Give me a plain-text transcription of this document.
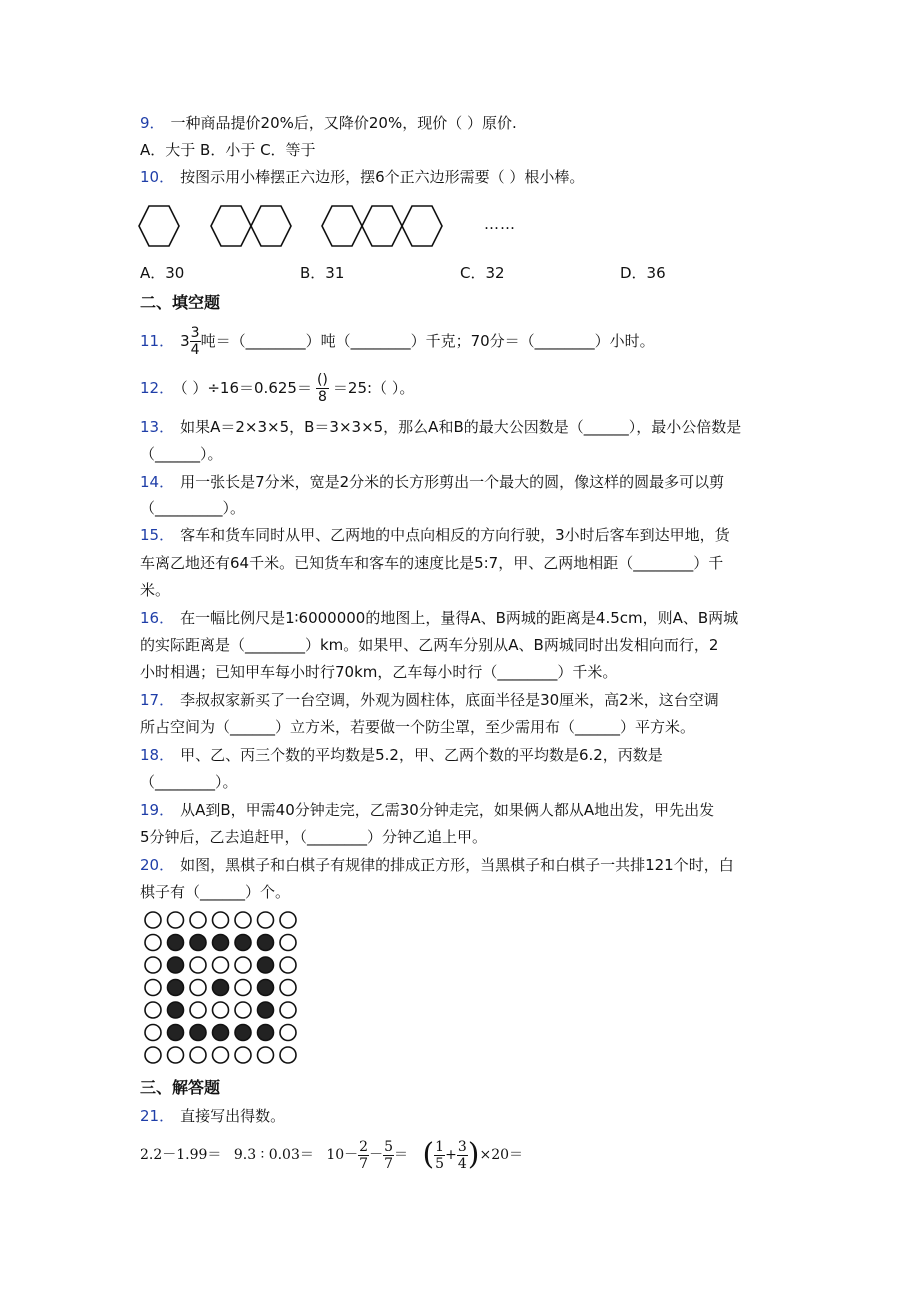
9． 一种商品提价20%后，又降价20%，现价（ ）原价.
A．大于 B．小于 C．等于
10． 按图示用小棒摆正六边形，摆6个正六边形需要（ ）根小棒。
……
A．30	B．31	C．32	D．36
二、填空题
11． $3 \frac{3}{4}$ 吨＝（________）吨（________）千克；70分＝（________）小时。
12． （ ）$\div 16=0.625= \frac{()}{8}$ ＝25:（ ）。
13． 如果A＝2×3×5，B＝3×3×5，那么A和B的最大公因数是（______），最小公倍数是
（______）。
14． 用一张长是7分米，宽是2分米的长方形剪出一个最大的圆，像这样的圆最多可以剪
（_________）。
15． 客车和货车同时从甲、乙两地的中点向相反的方向行驶，3小时后客车到达甲地，货
车离乙地还有64千米。已知货车和客车的速度比是5:7，甲、乙两地相距（________）千
米。
16． 在一幅比例尺是1∶6000000的地图上，量得A、B两城的距离是4.5cm，则A、B两城
的实际距离是（________）km。如果甲、乙两车分别从A、B两城同时出发相向而行，2
小时相遇；已知甲车每小时行70km，乙车每小时行（________）千米。
17． 李叔叔家新买了一台空调，外观为圆柱体，底面半径是30厘米，高2米，这台空调
所占空间为（______）立方米，若要做一个防尘罩，至少需用布（______）平方米。
18． 甲、乙、丙三个数的平均数是5.2，甲、乙两个数的平均数是6.2，丙数是
（________）。
19． 从A到B，甲需40分钟走完，乙需30分钟走完，如果俩人都从A地出发，甲先出发
5分钟后，乙去追赶甲，（________）分钟乙追上甲。
20． 如图，黑棋子和白棋子有规律的排成正方形，当黑棋子和白棋子一共排121个时，白
棋子有（______）个。
三、解答题
21． 直接写出得数。
2.2－1.99＝ 9.3 ∶ $0.03= 10- \frac{2}{7} - \frac{5}{7}$ ＝ ( $\frac{1}{5} + \frac{3}{4} )\times 20=$
